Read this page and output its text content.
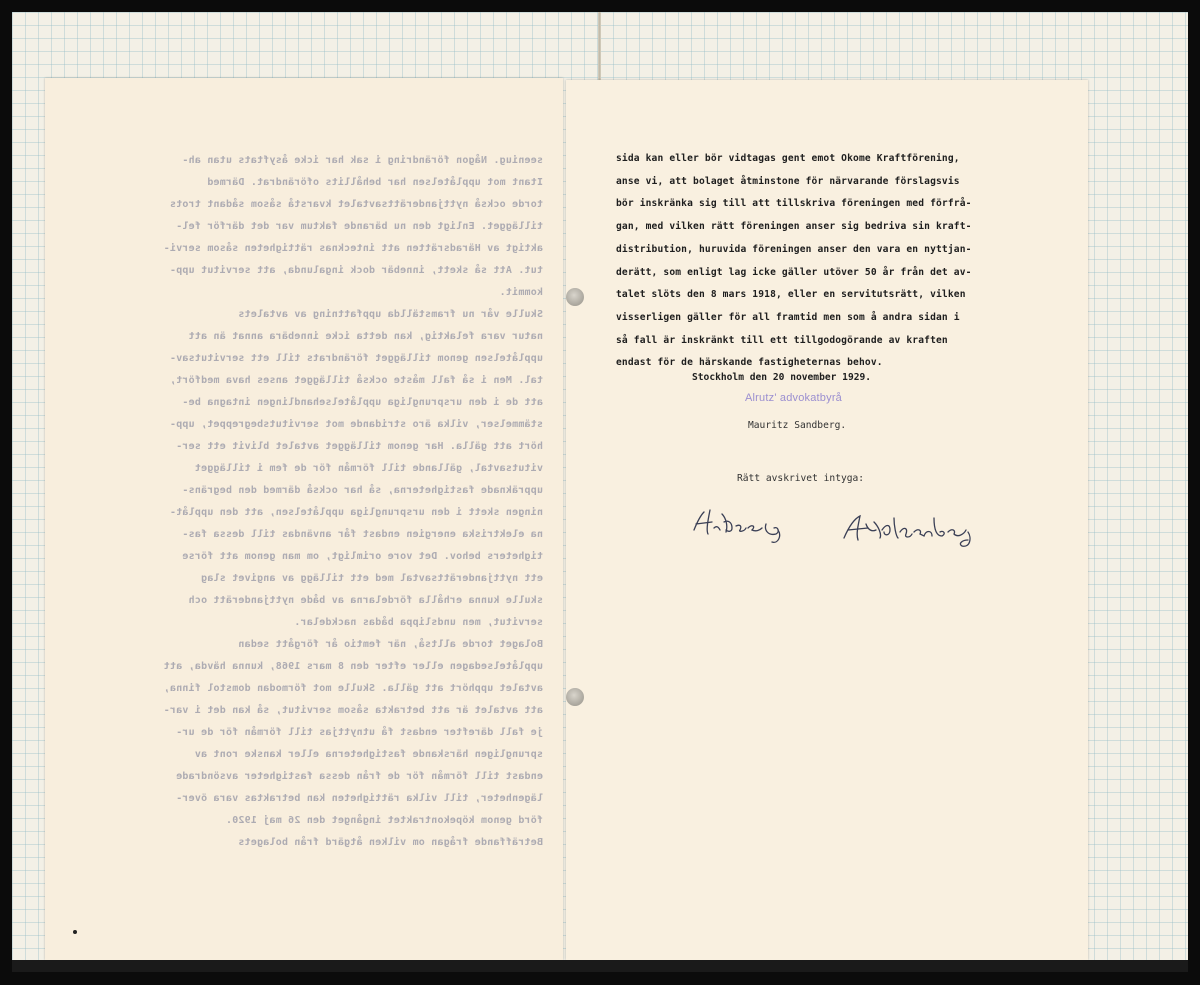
seeniug. Någon förändring i sak har icke åsyftats utan ah-

Itant mot upplåtelsen har behållits oförändrat. Därmed

torde också nyttjanderättsavtalet kvarstå såsom sådant trots

tillägget. Enligt den nu bärande faktum var det därför fel-

aktigt av Häradsrätten att intecknas rättigheten såsom servi-

tut. Att så skett, innebär dock ingalunda, att servitut upp-

kommit.

Skulle vår nu framställda uppfattning av avtalets

natur vara felaktig, kan detta icke innebära annat än att

upplåtelsen genom tillägget förändrats till ett servitutsav-

tal. Men i så fall måste också tillägget anses hava medfört,

att de i den ursprungliga upplåtelsehandlingen intagna be-

stämmelser, vilka äro stridande mot servitutsbegreppet, upp-

hört att gälla. Har genom tillägget avtalet blivit ett ser-

vitutsavtal, gällande till förmån för de fem i tillägget

uppräknade fastigheterna, så har också därmed den begräns-

ningen skett i den ursprungliga upplåtelsen, att den upplåt-

na elektriska energien endast får användas till dessa fas-

tigheters behov. Det vore orimligt, om man genom att förse

ett nyttjanderättsavtal med ett tillägg av angivet slag

skulle kunna erhålla fördelarna av både nyttjanderätt och

servitut, men undslippa bådas nackdelar.

Bolaget torde alltså, när femtio år förgått sedan

upplåtelsedagen eller efter den 8 mars 1968, kunna hävda, att

avtalet upphört att gälla. Skulle mot förmodan domstol finna,

att avtalet är att betrakta såsom servitut, så kan det i var-

je fall därefter endast få utnyttjas till förmån för de ur-

sprungligen härskande fastigheterna eller kanske ront av

endast till förmån för de från dessa fastigheter avsöndrade

lägenheter, till vilka rättigheten kan betraktas vara över-

förd genom köpekontraktet ingånget den 26 maj 1920.

Beträffande frågan om vilken åtgärd från bolagets

sida kan eller bör vidtagas gent emot Okome Kraftförening,

anse vi, att bolaget åtminstone för närvarande förslagsvis

bör inskränka sig till att tillskriva föreningen med förfrå-

gan, med vilken rätt föreningen anser sig bedriva sin kraft-

distribution, huruvida föreningen anser den vara en nyttjan-

derätt, som enligt lag icke gäller utöver 50 år från det av-

talet slöts den 8 mars 1918, eller en servitutsrätt, vilken

visserligen gäller för all framtid men som å andra sidan i

så fall är inskränkt till ett tillgodogörande av kraften

endast för de härskande fastigheternas behov.

Stockholm den 20 november 1929.
Alrutz' advokatbyrå
Mauritz Sandberg.
Rätt avskrivet intyga:
